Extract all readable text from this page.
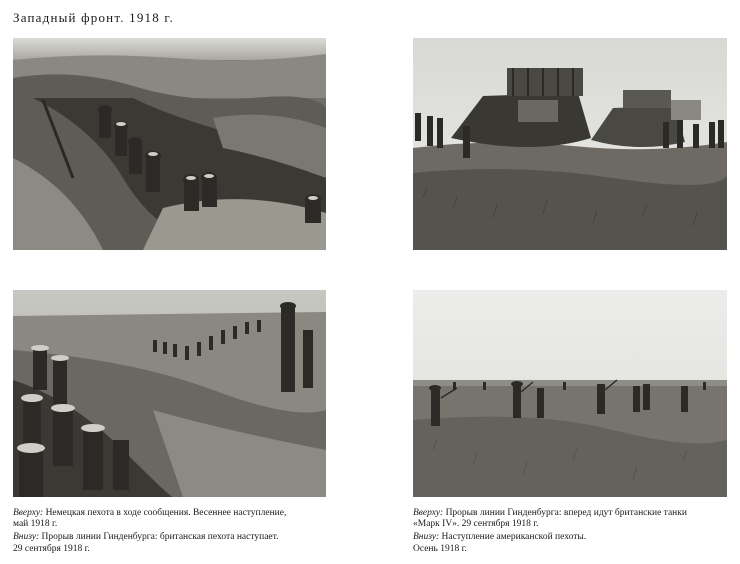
Западный фронт. 1918 г.

Вверху: Немецкая пехота в ходе сообщения. Весеннее наступление,

май 1918 г.

Внизу: Прорыв линии Гинденбурга: британская пехота наступает.

29 сентября 1918 г.

Вверху: Прорыв линии Гинденбурга: вперед идут британские танки

«Марк IV». 29 сентября 1918 г.

Внизу: Наступление американской пехоты.

Осень 1918 г.
